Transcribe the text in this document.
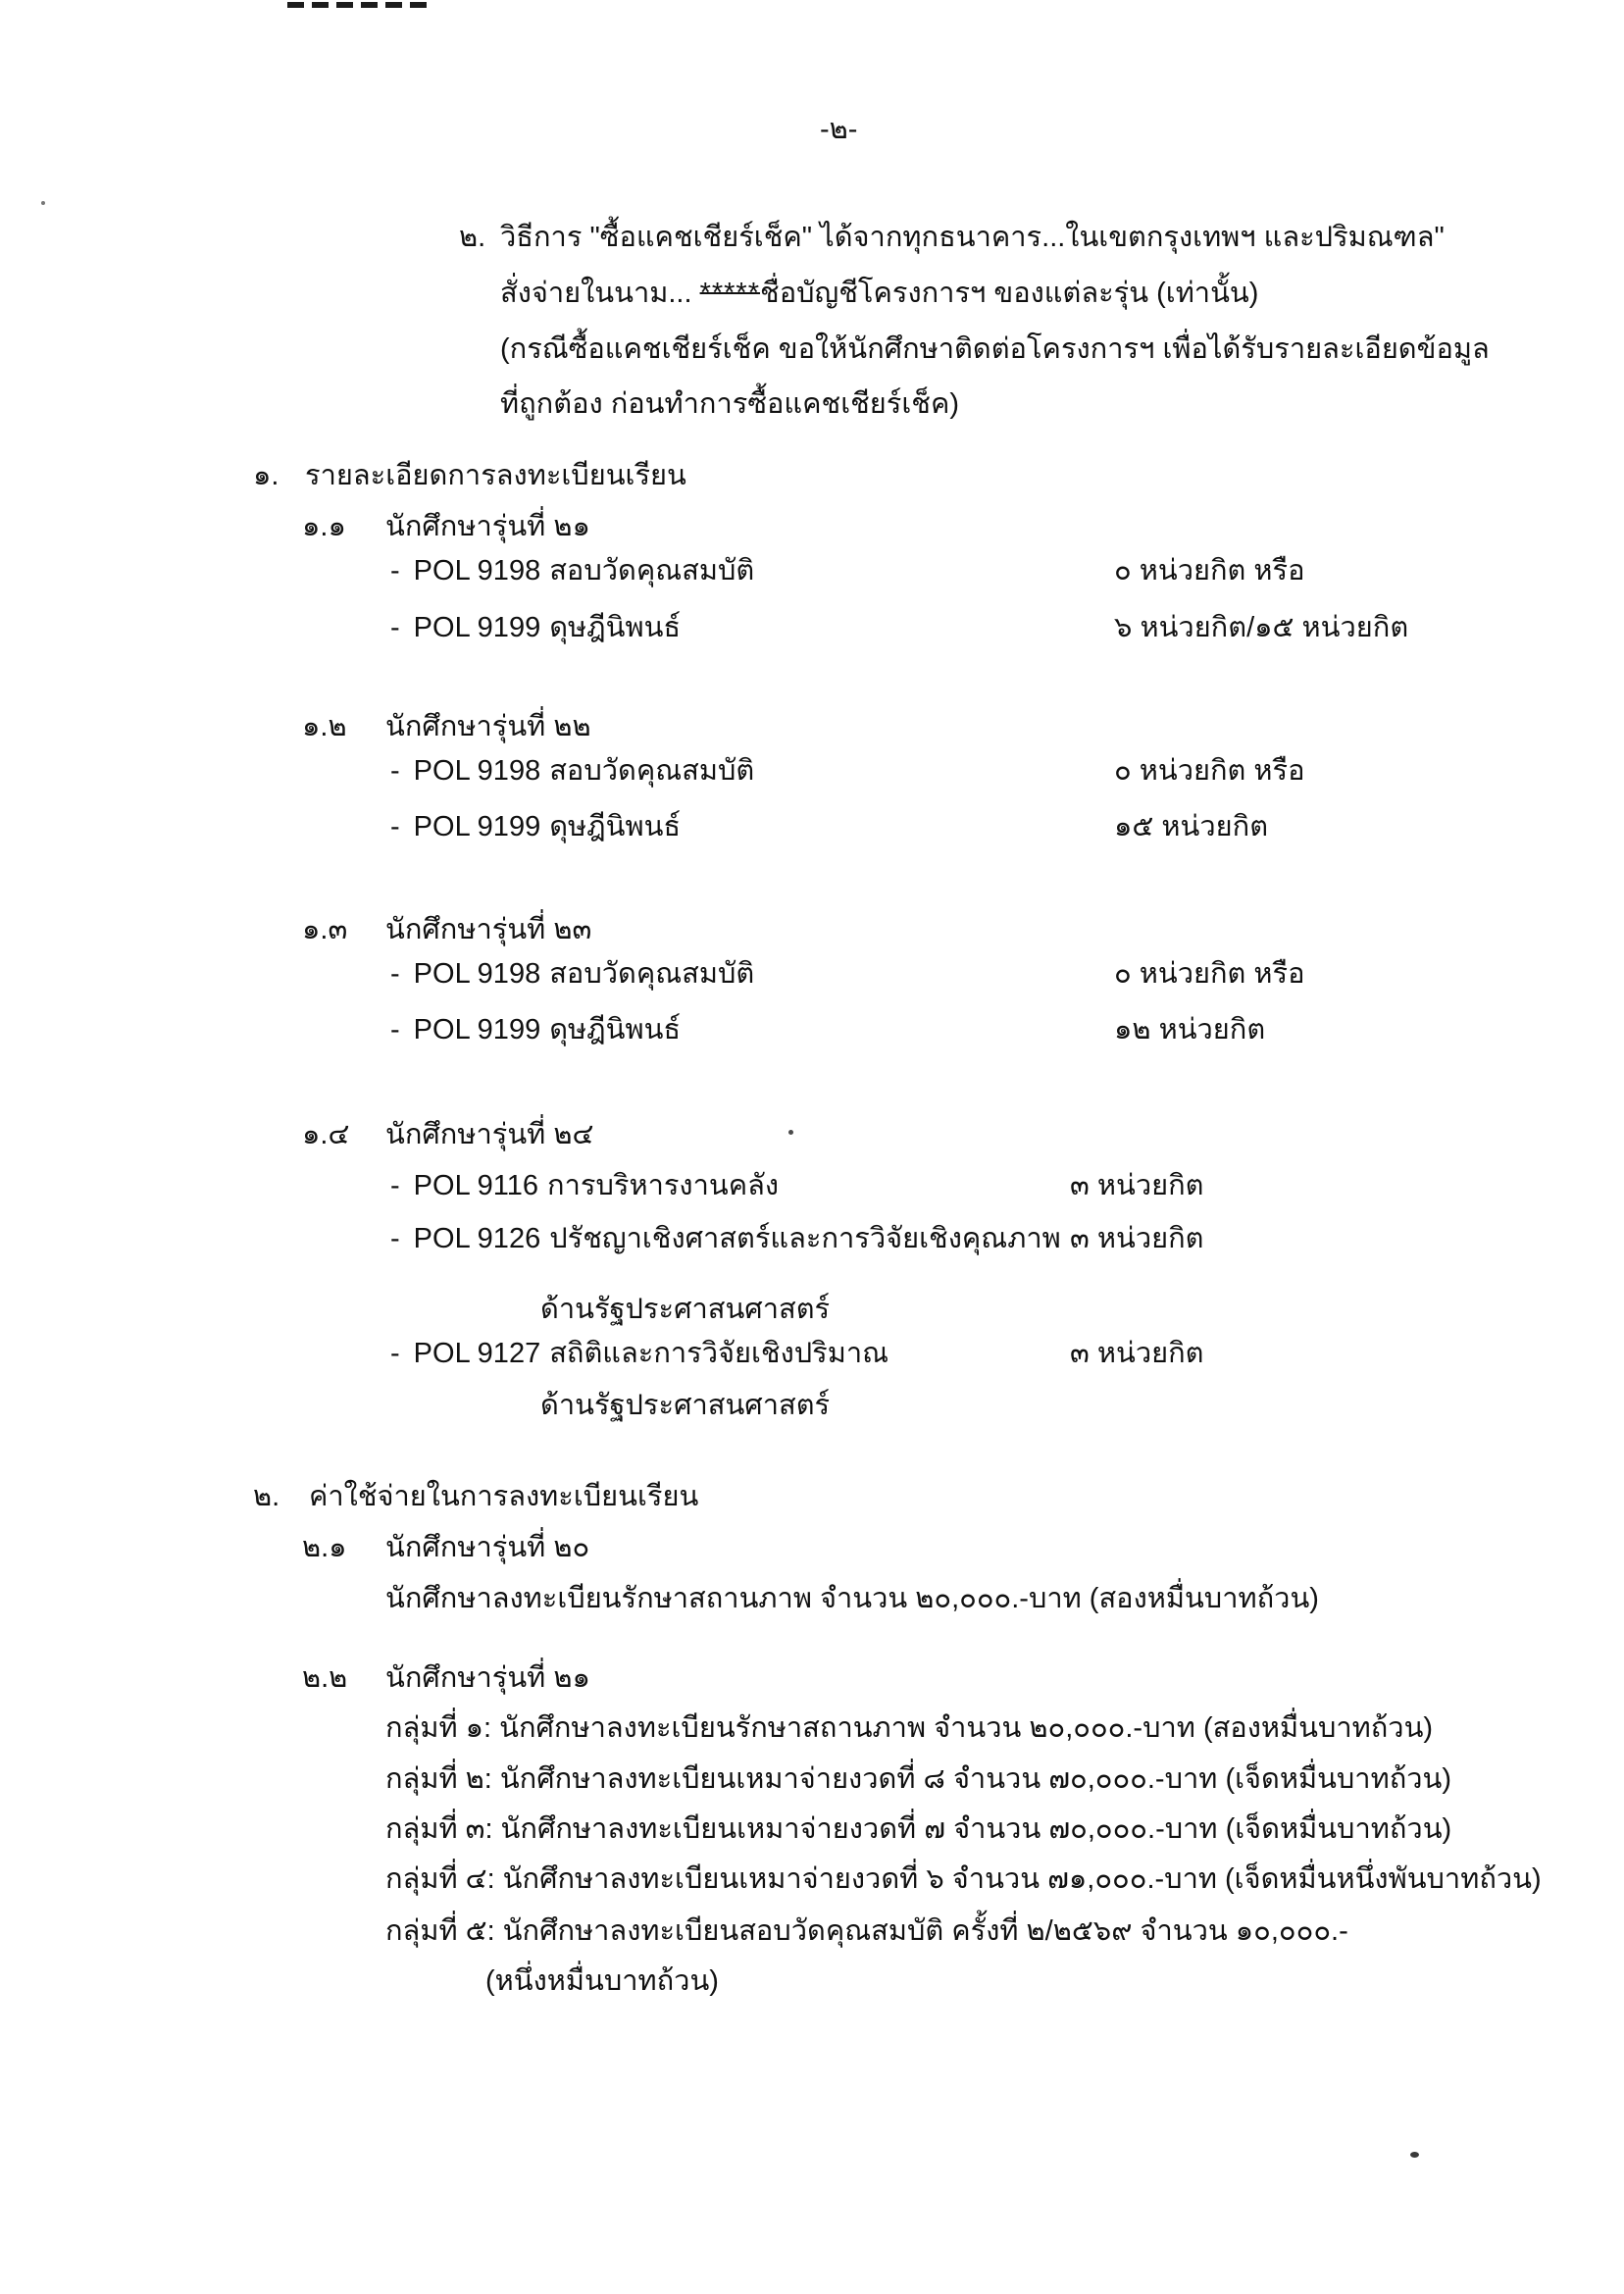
-๒-
๒. วิธีการ "ซื้อแคชเชียร์เช็ค" ได้จากทุกธนาคาร...ในเขตกรุงเทพฯ และปริมณฑล"
สั่งจ่ายในนาม... *****ชื่อบัญชีโครงการฯ ของแต่ละรุ่น (เท่านั้น)
(กรณีซื้อแคชเชียร์เช็ค ขอให้นักศึกษาติดต่อโครงการฯ เพื่อได้รับรายละเอียดข้อมูล
ที่ถูกต้อง ก่อนทำการซื้อแคชเชียร์เช็ค)
๑. รายละเอียดการลงทะเบียนเรียน
๑.๑ นักศึกษารุ่นที่ ๒๑
- POL 9198 สอบวัดคุณสมบัติ	๐ หน่วยกิต หรือ
- POL 9199 ดุษฎีนิพนธ์	๖ หน่วยกิต/๑๕ หน่วยกิต
๑.๒ นักศึกษารุ่นที่ ๒๒
- POL 9198 สอบวัดคุณสมบัติ	๐ หน่วยกิต หรือ
- POL 9199 ดุษฎีนิพนธ์	๑๕ หน่วยกิต
๑.๓ นักศึกษารุ่นที่ ๒๓
- POL 9198 สอบวัดคุณสมบัติ	๐ หน่วยกิต หรือ
- POL 9199 ดุษฎีนิพนธ์	๑๒ หน่วยกิต
๑.๔ นักศึกษารุ่นที่ ๒๔
- POL 9116 การบริหารงานคลัง	๓ หน่วยกิต
- POL 9126 ปรัชญาเชิงศาสตร์และการวิจัยเชิงคุณภาพ ๓ หน่วยกิต
ด้านรัฐประศาสนศาสตร์
- POL 9127 สถิติและการวิจัยเชิงปริมาณ	๓ หน่วยกิต
ด้านรัฐประศาสนศาสตร์
๒. ค่าใช้จ่ายในการลงทะเบียนเรียน
๒.๑ นักศึกษารุ่นที่ ๒๐
นักศึกษาลงทะเบียนรักษาสถานภาพ จำนวน ๒๐,๐๐๐.-บาท (สองหมื่นบาทถ้วน)
๒.๒ นักศึกษารุ่นที่ ๒๑
กลุ่มที่ ๑: นักศึกษาลงทะเบียนรักษาสถานภาพ จำนวน ๒๐,๐๐๐.-บาท (สองหมื่นบาทถ้วน)
กลุ่มที่ ๒: นักศึกษาลงทะเบียนเหมาจ่ายงวดที่ ๘ จำนวน ๗๐,๐๐๐.-บาท (เจ็ดหมื่นบาทถ้วน)
กลุ่มที่ ๓: นักศึกษาลงทะเบียนเหมาจ่ายงวดที่ ๗ จำนวน ๗๐,๐๐๐.-บาท (เจ็ดหมื่นบาทถ้วน)
กลุ่มที่ ๔: นักศึกษาลงทะเบียนเหมาจ่ายงวดที่ ๖ จำนวน ๗๑,๐๐๐.-บาท (เจ็ดหมื่นหนึ่งพันบาทถ้วน)
กลุ่มที่ ๕: นักศึกษาลงทะเบียนสอบวัดคุณสมบัติ ครั้งที่ ๒/๒๕๖๙ จำนวน ๑๐,๐๐๐.-
(หนึ่งหมื่นบาทถ้วน)
